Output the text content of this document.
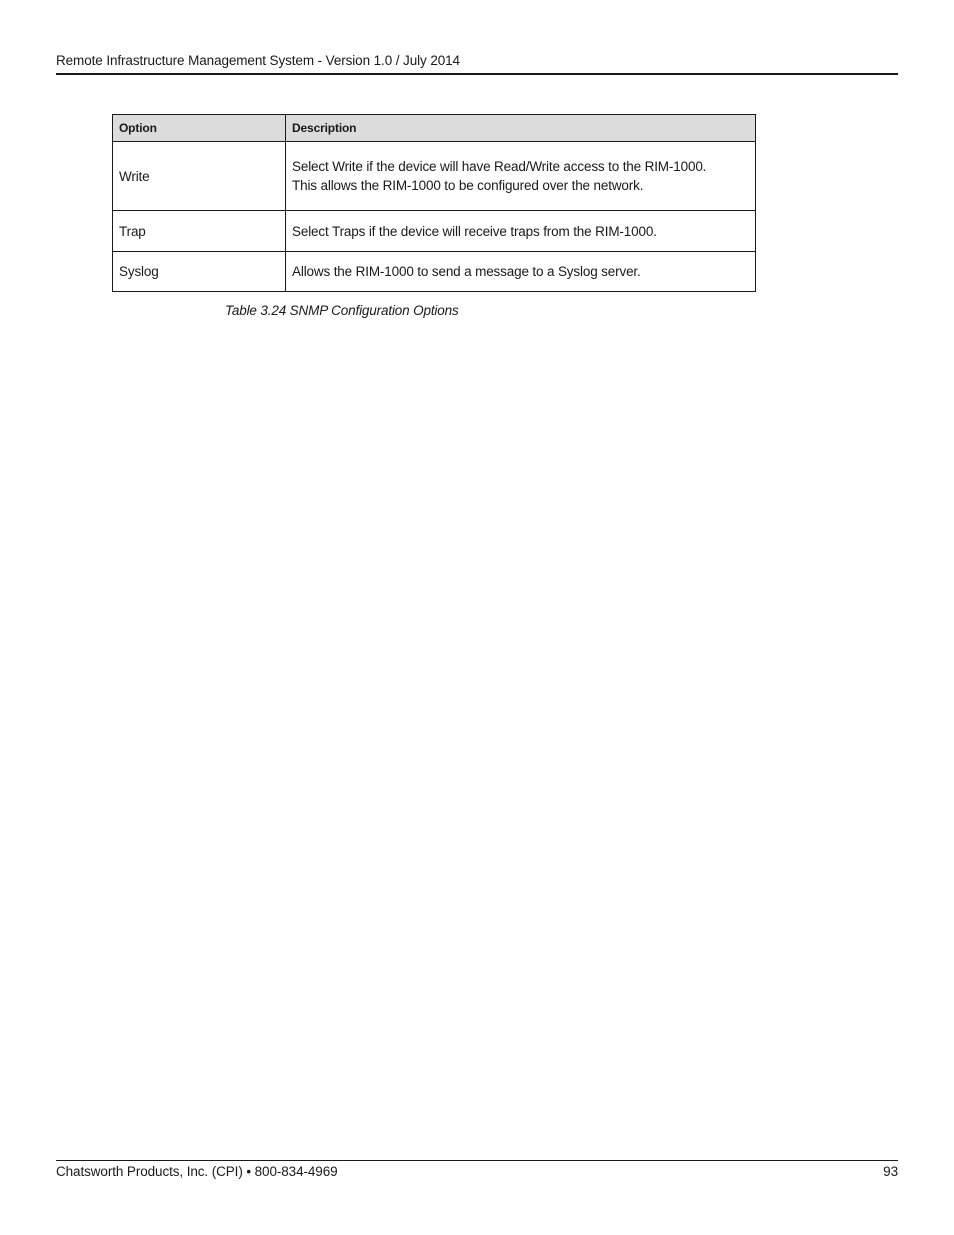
Remote Infrastructure Management System - Version 1.0 / July 2014
Option	Description
Write	Select Write if the device will have Read/Write access to the RIM-1000.
This allows the RIM-1000 to be configured over the network.

Trap	Select Traps if the device will receive traps from the RIM-1000.

Syslog	Allows the RIM-1000 to send a message to a Syslog server.
Table 3.24 SNMP Configuration Options
Chatsworth Products, Inc. (CPI) • 800-834-4969	93
